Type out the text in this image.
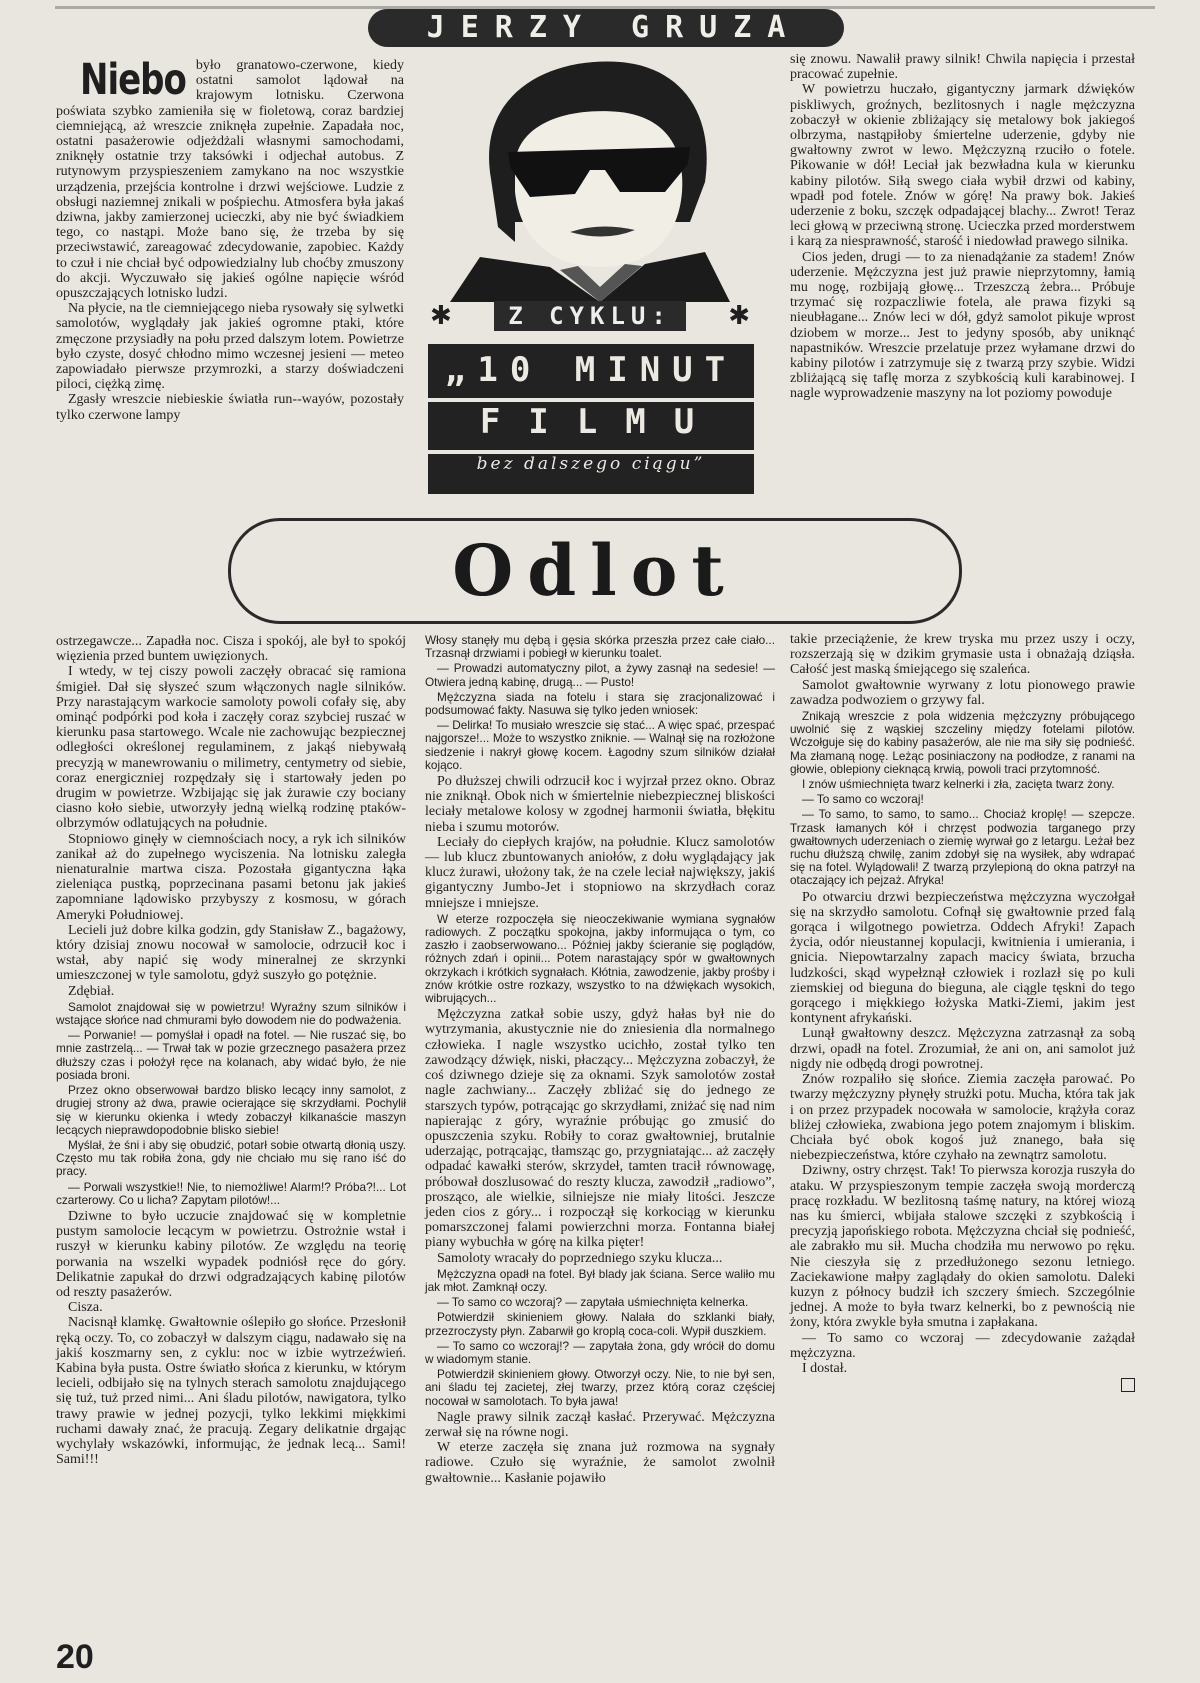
JERZY GRUZA
Niebo było granatowo-czerwone, kiedy ostatni samolot lądował na krajowym lotnisku. Czerwona poświata szybko zamieniła się w fioletową, coraz bardziej ciemniejącą, aż wreszcie zniknęła zupełnie. Zapadała noc, ostatni pasażerowie odjeżdżali własnymi samochodami, zniknęły ostatnie trzy taksówki i odjechał autobus. Z rutynowym przyspieszeniem zamykano na noc wszystkie urządzenia, przejścia kontrolne i drzwi wejściowe. Ludzie z obsługi naziemnej znikali w pośpiechu. Atmosfera była jakaś dziwna, jakby zamierzonej ucieczki, aby nie być świadkiem tego, co nastąpi. Może bano się, że trzeba by się przeciwstawić, zareagować zdecydowanie, zapobiec. Każdy to czuł i nie chciał być odpowiedzialny lub choćby zmuszony do akcji. Wyczuwało się jakieś ogólne napięcie wśród opuszczających lotnisko ludzi.

Na płycie, na tle ciemniejącego nieba rysowały się sylwetki samolotów, wyglądały jak jakieś ogromne ptaki, które zmęczone przysiadły na połu przed dalszym lotem. Powietrze było czyste, dosyć chłodno mimo wczesnej jesieni — meteo zapowiadało pierwsze przymrozki, a starzy doświadczeni piloci, ciężką zimę.

Zgasły wreszcie niebieskie światła run--wayów, pozostały tylko czerwone lampy

✱	Z CYKLU:	✱
„10 MINUT
FILMU
bez dalszego ciągu”

się znowu. Nawalił prawy silnik! Chwila napięcia i przestał pracować zupełnie.

W powietrzu huczało, gigantyczny jarmark dźwięków piskliwych, groźnych, bezlitosnych i nagle mężczyzna zobaczył w okienie zbliżający się metalowy bok jakiegoś olbrzyma, nastąpiłoby śmiertelne uderzenie, gdyby nie gwałtowny zwrot w lewo. Mężczyzną rzuciło o fotele. Pikowanie w dół! Leciał jak bezwładna kula w kierunku kabiny pilotów. Siłą swego ciała wybił drzwi od kabiny, wpadł pod fotele. Znów w górę! Na prawy bok. Jakieś uderzenie z boku, szczęk odpadającej blachy... Zwrot! Teraz leci głową w przeciwną stronę. Ucieczka przed morderstwem i karą za niesprawność, starość i niedowład prawego silnika.

Cios jeden, drugi — to za nienadążanie za stadem! Znów uderzenie. Mężczyzna jest już prawie nieprzytomny, łamią mu nogę, rozbijają głowę... Trzeszczą żebra... Próbuje trzymać się rozpaczliwie fotela, ale prawa fizyki są nieubłagane... Znów leci w dół, gdyż samolot pikuje wprost dziobem w morze... Jest to jedyny sposób, aby uniknąć napastników. Wreszcie przelatuje przez wyłamane drzwi do kabiny pilotów i zatrzymuje się z twarzą przy szybie. Widzi zbliżającą się taflę morza z szybkością kuli karabinowej. I nagle wyprowadzenie maszyny na lot poziomy powoduje

Odlot

ostrzegawcze... Zapadła noc. Cisza i spokój, ale był to spokój więzienia przed buntem uwięzionych.

I wtedy, w tej ciszy powoli zaczęły obracać się ramiona śmigieł. Dał się słyszeć szum włączonych nagle silników. Przy narastającym warkocie samoloty powoli cofały się, aby ominąć podpórki pod koła i zaczęły coraz szybciej ruszać w kierunku pasa startowego. Wcale nie zachowując bezpiecznej odległości określonej regulaminem, z jakąś niebywałą precyzją w manewrowaniu o milimetry, centymetry od siebie, coraz energiczniej rozpędzały się i startowały jeden po drugim w powietrze. Wzbijając się jak żurawie czy bociany ciasno koło siebie, utworzyły jedną wielką rodzinę ptaków-olbrzymów odlatujących na południe.

Stopniowo ginęły w ciemnościach nocy, a ryk ich silników zanikał aż do zupełnego wyciszenia. Na lotnisku zaległa nienaturalnie martwa cisza. Pozostała gigantyczna łąka zieleniąca pustką, poprzecinana pasami betonu jak jakieś zapomniane lądowisko przybyszy z kosmosu, w górach Ameryki Południowej.

Lecieli już dobre kilka godzin, gdy Stanisław Z., bagażowy, który dzisiaj znowu nocował w samolocie, odrzucił koc i wstał, aby napić się wody mineralnej ze skrzynki umieszczonej w tyle samolotu, gdyż suszyło go potężnie.

Zdębiał.

Samolot znajdował się w powietrzu! Wyraźny szum silników i wstające słońce nad chmurami było dowodem nie do podważenia.

— Porwanie! — pomyślał i opadł na fotel. — Nie ruszać się, bo mnie zastrzelą... — Trwał tak w pozie grzecznego pasażera przez dłuższy czas i położył ręce na kolanach, aby widać było, że nie posiada broni.

Przez okno obserwował bardzo blisko lecący inny samolot, z drugiej strony aż dwa, prawie ocierające się skrzydłami. Pochylił się w kierunku okienka i wtedy zobaczył kilkanaście maszyn lecących nieprawdopodobnie blisko siebie!

Myślał, że śni i aby się obudzić, potarł sobie otwartą dłonią uszy. Często mu tak robiła żona, gdy nie chciało mu się rano iść do pracy.

— Porwali wszystkie!! Nie, to niemożliwe! Alarm!? Próba?!... Lot czarterowy. Co u licha? Zapytam pilotów!...

Dziwne to było uczucie znajdować się w kompletnie pustym samolocie lecącym w powietrzu. Ostrożnie wstał i ruszył w kierunku kabiny pilotów. Ze względu na teorię porwania na wszelki wypadek podniósł ręce do góry. Delikatnie zapukał do drzwi odgradzających kabinę pilotów od reszty pasażerów.

Cisza.

Nacisnął klamkę. Gwałtownie oślepiło go słońce. Przesłonił ręką oczy. To, co zobaczył w dalszym ciągu, nadawało się na jakiś koszmarny sen, z cyklu: noc w izbie wytrzeźwień. Kabina była pusta. Ostre światło słońca z kierunku, w którym lecieli, odbijało się na tylnych sterach samolotu znajdującego się tuż, tuż przed nimi... Ani śladu pilotów, nawigatora, tylko trawy prawie w jednej pozycji, tylko lekkimi miękkimi ruchami dawały znać, że pracują. Zegary delikatnie drgając wychylały wskazówki, informując, że jednak lecą... Sami! Sami!!!

Włosy stanęły mu dębą i gęsia skórka przeszła przez całe ciało... Trzasnął drzwiami i pobiegł w kierunku toalet.

— Prowadzi automatyczny pilot, a żywy zasnął na sedesie! — Otwiera jedną kabinę, drugą... — Pusto!

Mężczyzna siada na fotelu i stara się zracjonalizować i podsumować fakty. Nasuwa się tylko jeden wniosek:

— Delirka! To musiało wreszcie się stać... A więc spać, przespać najgorsze!... Może to wszystko zniknie. — Walnął się na rozłożone siedzenie i nakrył głowę kocem. Łagodny szum silników działał kojąco.

Po dłuższej chwili odrzucił koc i wyjrzał przez okno. Obraz nie zniknął. Obok nich w śmiertelnie niebezpiecznej bliskości leciały metalowe kolosy w zgodnej harmonii światła, błękitu nieba i szumu motorów.

Leciały do ciepłych krajów, na południe. Klucz samolotów — lub klucz zbuntowanych aniołów, z dołu wyglądający jak klucz żurawi, ułożony tak, że na czele leciał największy, jakiś gigantyczny Jumbo-Jet i stopniowo na skrzydłach coraz mniejsze i mniejsze.

W eterze rozpoczęła się nieoczekiwanie wymiana sygnałów radiowych. Z początku spokojna, jakby informująca o tym, co zaszło i zaobserwowano... Później jakby ścieranie się poglądów, różnych zdań i opinii... Potem narastający spór w gwałtownych okrzykach i krótkich sygnałach. Kłótnia, zawodzenie, jakby prośby i znów krótkie ostre rozkazy, wszystko to na dźwiękach wysokich, wibrujących...

Mężczyzna zatkał sobie uszy, gdyż hałas był nie do wytrzymania, akustycznie nie do zniesienia dla normalnego człowieka. I nagle wszystko ucichło, został tylko ten zawodzący dźwięk, niski, płaczący... Mężczyzna zobaczył, że coś dziwnego dzieje się za oknami. Szyk samolotów został nagle zachwiany... Zaczęły zbliżać się do jednego ze starszych typów, potrącając go skrzydłami, zniżać się nad nim napierając z góry, wyraźnie próbując go zmusić do opuszczenia szyku. Robiły to coraz gwałtowniej, brutalnie uderzając, potrącając, tłamsząc go, przygniatając... aż zaczęły odpadać kawałki sterów, skrzydeł, tamten tracił równowagę, próbował doszlusować do reszty klucza, zawodził „radiowo”, prosząco, ale wielkie, silniejsze nie miały litości. Jeszcze jeden cios z góry... i rozpoczął się korkociąg w kierunku pomarszczonej falami powierzchni morza. Fontanna białej piany wybuchła w górę na kilka pięter!

Samoloty wracały do poprzedniego szyku klucza...

Mężczyzna opadł na fotel. Był blady jak ściana. Serce waliło mu jak młot. Zamknął oczy.

— To samo co wczoraj? — zapytała uśmiechnięta kelnerka.

Potwierdził skinieniem głowy. Nalała do szklanki biały, przezroczysty płyn. Zabarwił go kroplą coca-coli. Wypił duszkiem.

— To samo co wczoraj!? — zapytała żona, gdy wrócił do domu w wiadomym stanie.

Potwierdził skinieniem głowy. Otworzył oczy. Nie, to nie był sen, ani śladu tej zacietej, złej twarzy, przez którą coraz częściej nocował w samolotach. To była jawa!

Nagle prawy silnik zaczął kasłać. Przerywać. Mężczyzna zerwał się na równe nogi.

W eterze zaczęła się znana już rozmowa na sygnały radiowe. Czuło się wyraźnie, że samolot zwolnił gwałtownie... Kasłanie pojawiło

takie przeciążenie, że krew tryska mu przez uszy i oczy, rozszerzają się w dzikim grymasie usta i obnażają dziąsła. Całość jest maską śmiejącego się szaleńca.

Samolot gwałtownie wyrwany z lotu pionowego prawie zawadza podwoziem o grzywy fal.

Znikają wreszcie z pola widzenia mężczyzny próbującego uwolnić się z wąskiej szczeliny między fotelami pilotów. Wczołguje się do kabiny pasażerów, ale nie ma siły się podnieść. Ma złamaną nogę. Leżąc posiniaczony na podłodze, z ranami na głowie, oblepiony cieknącą krwią, powoli traci przytomność.

I znów uśmiechnięta twarz kelnerki i zła, zacięta twarz żony.

— To samo co wczoraj!

— To samo, to samo, to samo... Chociaż kroplę! — szepcze. Trzask łamanych kół i chrzęst podwozia targanego przy gwałtownych uderzeniach o ziemię wyrwał go z letargu. Leżał bez ruchu dłuższą chwilę, zanim zdobył się na wysiłek, aby wdrapać się na fotel. Wylądowali! Z twarzą przylepioną do okna patrzył na otaczający ich pejzaż. Afryka!

Po otwarciu drzwi bezpieczeństwa mężczyzna wyczołgał się na skrzydło samolotu. Cofnął się gwałtownie przed falą gorąca i wilgotnego powietrza. Oddech Afryki! Zapach życia, odór nieustannej kopulacji, kwitnienia i umierania, i gnicia. Niepowtarzalny zapach macicy świata, brzucha ludzkości, skąd wypełznął człowiek i rozlazł się po kuli ziemskiej od bieguna do bieguna, ale ciągle tęskni do tego gorącego i miękkiego łożyska Matki-Ziemi, jakim jest kontynent afrykański.

Lunął gwałtowny deszcz. Mężczyzna zatrzasnął za sobą drzwi, opadł na fotel. Zrozumiał, że ani on, ani samolot już nigdy nie odbędą drogi powrotnej.

Znów rozpaliło się słońce. Ziemia zaczęła parować. Po twarzy mężczyzny płynęły strużki potu. Mucha, która tak jak i on przez przypadek nocowała w samolocie, krążyła coraz bliżej człowieka, zwabiona jego potem znajomym i bliskim. Chciała być obok kogoś już znanego, bała się niebezpieczeństwa, które czyhało na zewnątrz samolotu.

Dziwny, ostry chrzęst. Tak! To pierwsza korozja ruszyła do ataku. W przyspieszonym tempie zaczęła swoją morderczą pracę rozkładu. W bezlitosną taśmę natury, na której wiozą nas ku śmierci, wbijała stalowe szczęki z szybkością i precyzją japońskiego robota. Mężczyzna chciał się podnieść, ale zabrakło mu sił. Mucha chodziła mu nerwowo po ręku. Nie cieszyła się z przedłużonego sezonu letniego. Zaciekawione małpy zaglądały do okien samolotu. Daleki kuzyn z północy budził ich szczery śmiech. Szczególnie jednej. A może to była twarz kelnerki, bo z pewnością nie żony, która zwykle była smutna i zapłakana.

— To samo co wczoraj — zdecydowanie zażądał mężczyzna.

I dostał.

20
